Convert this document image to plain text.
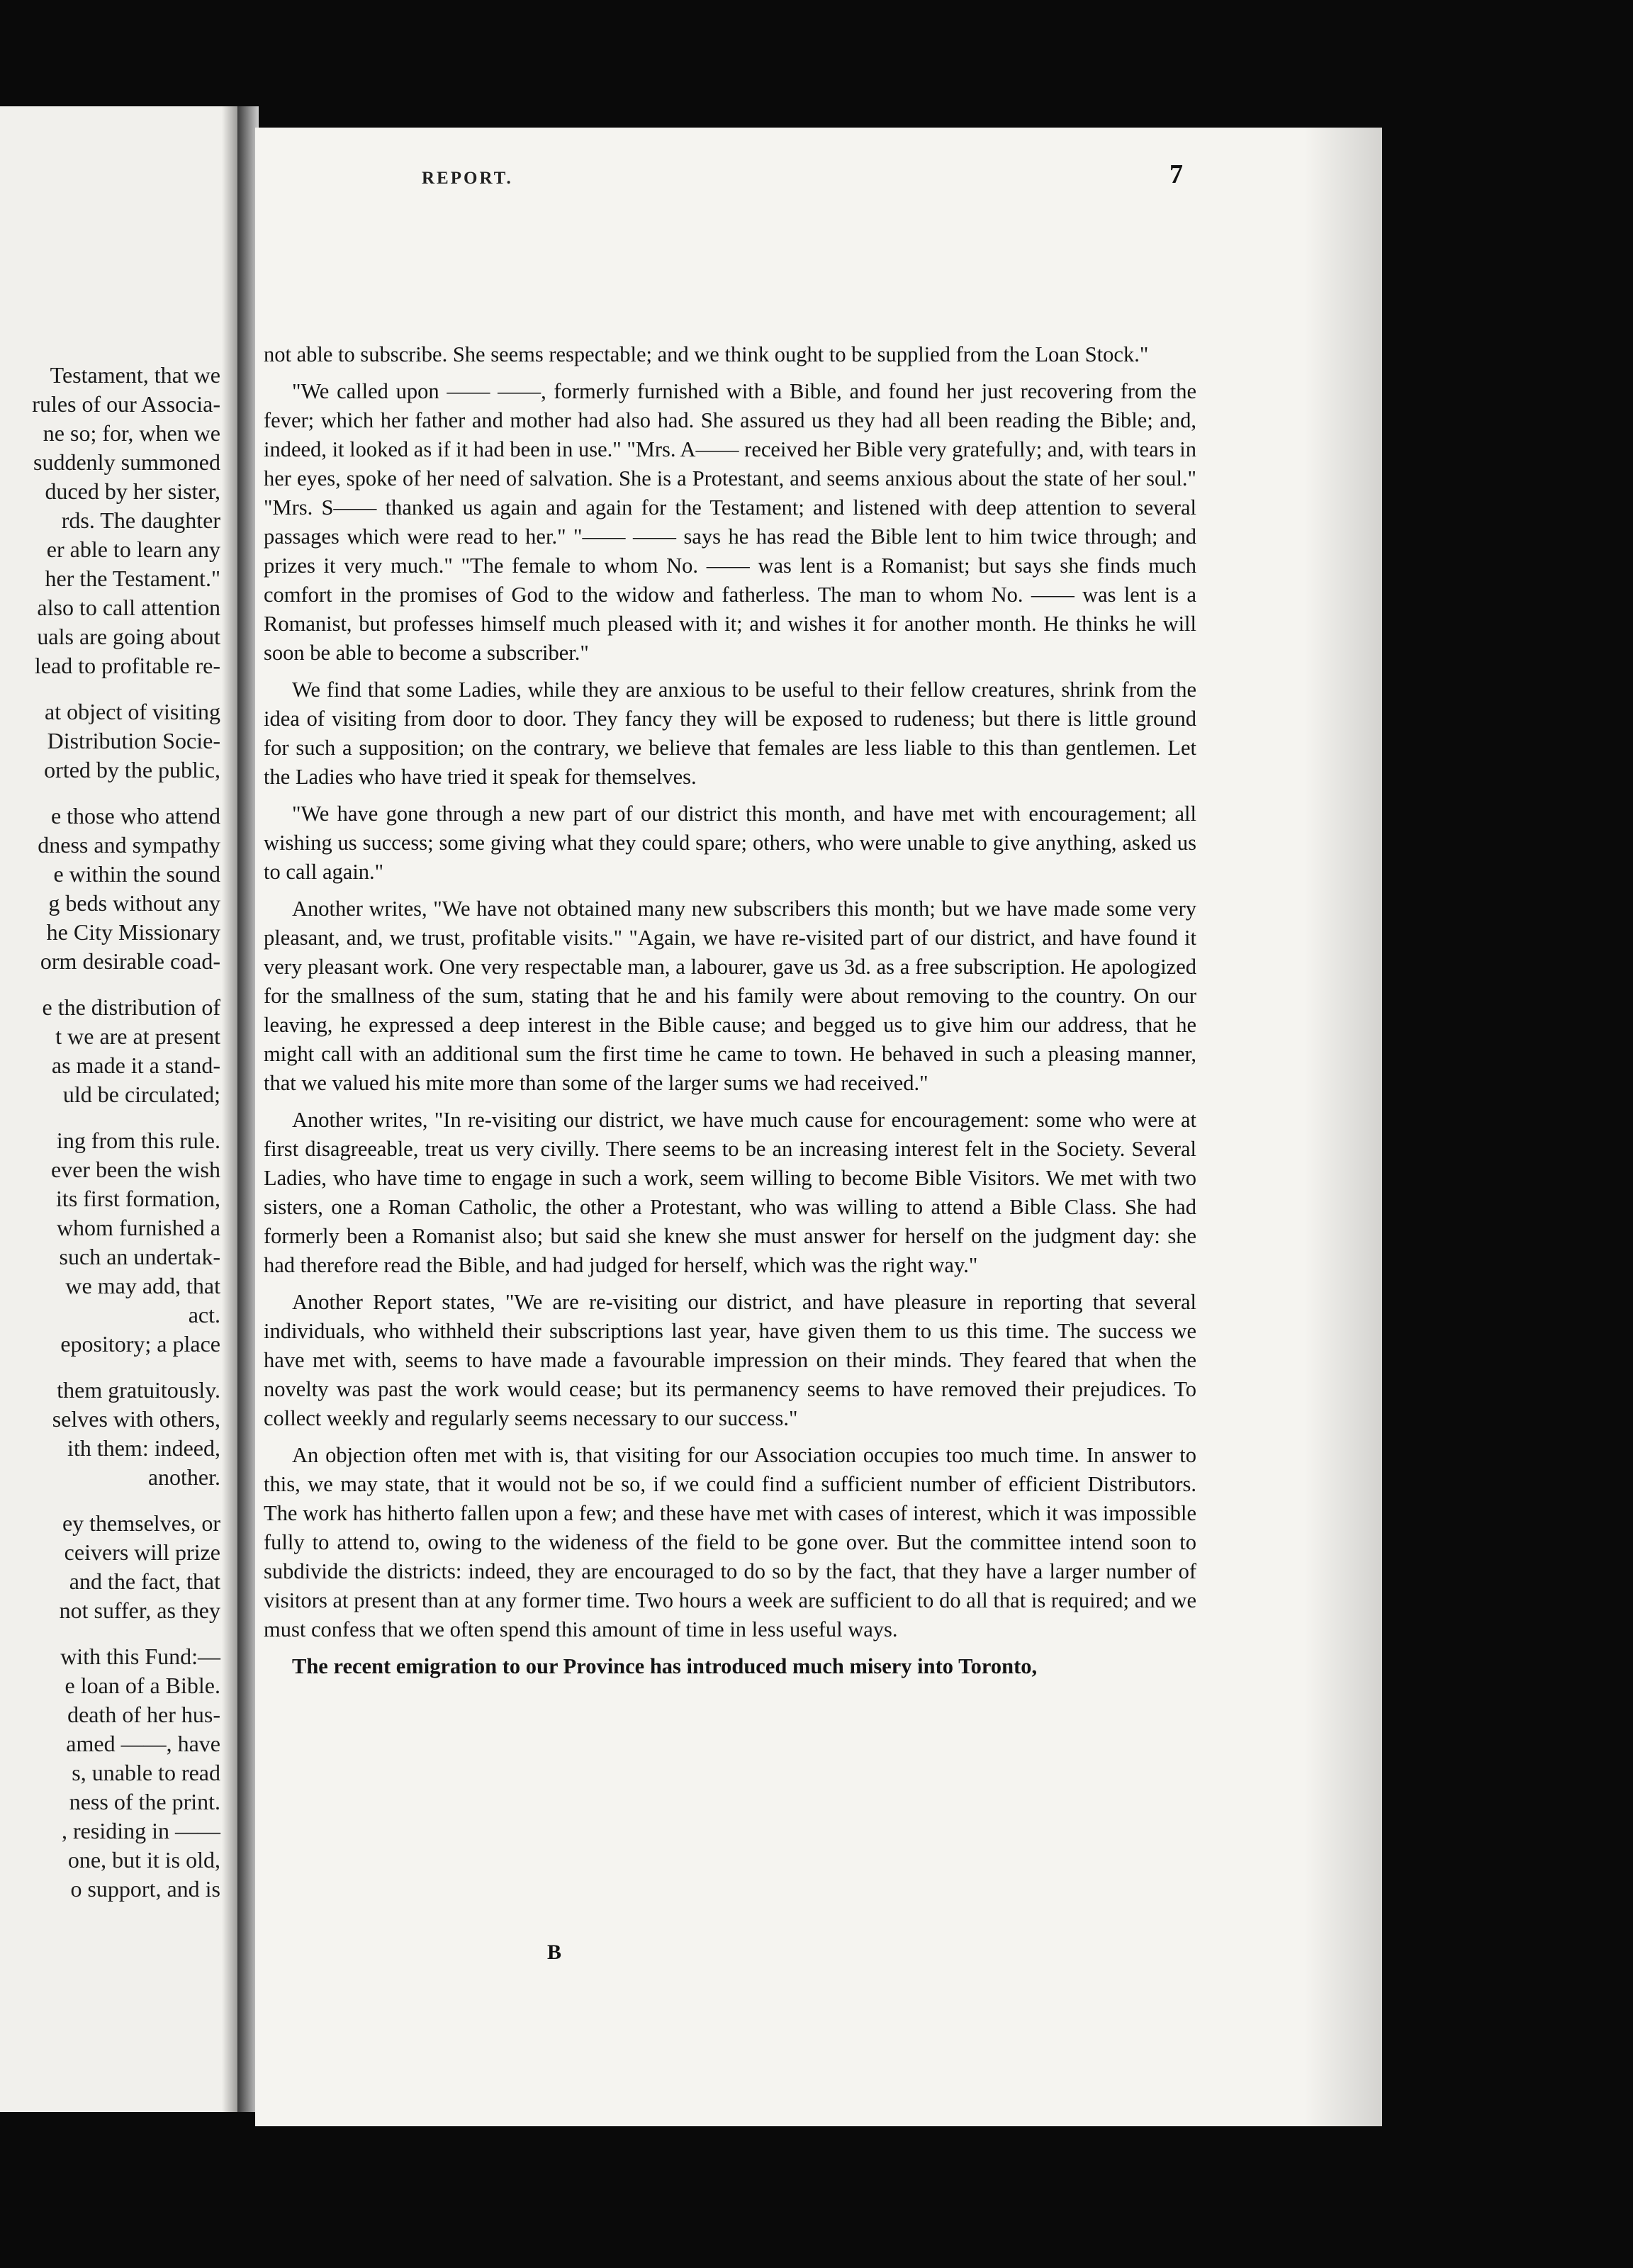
Testament, that we
rules of our Associa-
ne so; for, when we
suddenly summoned
duced by her sister,
rds. The daughter
er able to learn any
her the Testament."
also to call attention
uals are going about
lead to profitable re-
at object of visiting
Distribution Socie-
orted by the public,
e those who attend
dness and sympathy
e within the sound
g beds without any
he City Missionary
orm desirable coad-
e the distribution of
t we are at present
as made it a stand-
uld be circulated;
ing from this rule.
ever been the wish
its first formation,
whom furnished a
such an undertak-
we may add, that
act.
epository; a place
them gratuitously.
selves with others,
ith them: indeed,
another.
ey themselves, or
ceivers will prize
and the fact, that
not suffer, as they
with this Fund:—
e loan of a Bible.
death of her hus-
amed ——, have
s, unable to read
ness of the print.
, residing in ——
one, but it is old,
o support, and is
REPORT.	7

not able to subscribe. She seems respectable; and we think ought to be supplied from the Loan Stock."

"We called upon —— ——, formerly furnished with a Bible, and found her just recovering from the fever; which her father and mother had also had. She assured us they had all been reading the Bible; and, indeed, it looked as if it had been in use." "Mrs. A—— received her Bible very gratefully; and, with tears in her eyes, spoke of her need of salvation. She is a Protestant, and seems anxious about the state of her soul." "Mrs. S—— thanked us again and again for the Testament; and listened with deep attention to several passages which were read to her." "—— —— says he has read the Bible lent to him twice through; and prizes it very much." "The female to whom No. —— was lent is a Romanist; but says she finds much comfort in the promises of God to the widow and fatherless. The man to whom No. —— was lent is a Romanist, but professes himself much pleased with it; and wishes it for another month. He thinks he will soon be able to become a subscriber."

We find that some Ladies, while they are anxious to be useful to their fellow creatures, shrink from the idea of visiting from door to door. They fancy they will be exposed to rudeness; but there is little ground for such a supposition; on the contrary, we believe that females are less liable to this than gentlemen. Let the Ladies who have tried it speak for themselves.

"We have gone through a new part of our district this month, and have met with encouragement; all wishing us success; some giving what they could spare; others, who were unable to give anything, asked us to call again."

Another writes, "We have not obtained many new subscribers this month; but we have made some very pleasant, and, we trust, profitable visits." "Again, we have re-visited part of our district, and have found it very pleasant work. One very respectable man, a labourer, gave us 3d. as a free subscription. He apologized for the smallness of the sum, stating that he and his family were about removing to the country. On our leaving, he expressed a deep interest in the Bible cause; and begged us to give him our address, that he might call with an additional sum the first time he came to town. He behaved in such a pleasing manner, that we valued his mite more than some of the larger sums we had received."

Another writes, "In re-visiting our district, we have much cause for encouragement: some who were at first disagreeable, treat us very civilly. There seems to be an increasing interest felt in the Society. Several Ladies, who have time to engage in such a work, seem willing to become Bible Visitors. We met with two sisters, one a Roman Catholic, the other a Protestant, who was willing to attend a Bible Class. She had formerly been a Romanist also; but said she knew she must answer for herself on the judgment day: she had therefore read the Bible, and had judged for herself, which was the right way."

Another Report states, "We are re-visiting our district, and have pleasure in reporting that several individuals, who withheld their subscriptions last year, have given them to us this time. The success we have met with, seems to have made a favourable impression on their minds. They feared that when the novelty was past the work would cease; but its permanency seems to have removed their prejudices. To collect weekly and regularly seems necessary to our success."

An objection often met with is, that visiting for our Association occupies too much time. In answer to this, we may state, that it would not be so, if we could find a sufficient number of efficient Distributors. The work has hitherto fallen upon a few; and these have met with cases of interest, which it was impossible fully to attend to, owing to the wideness of the field to be gone over. But the committee intend soon to subdivide the districts: indeed, they are encouraged to do so by the fact, that they have a larger number of visitors at present than at any former time. Two hours a week are sufficient to do all that is required; and we must confess that we often spend this amount of time in less useful ways.

The recent emigration to our Province has introduced much misery into Toronto,

B
